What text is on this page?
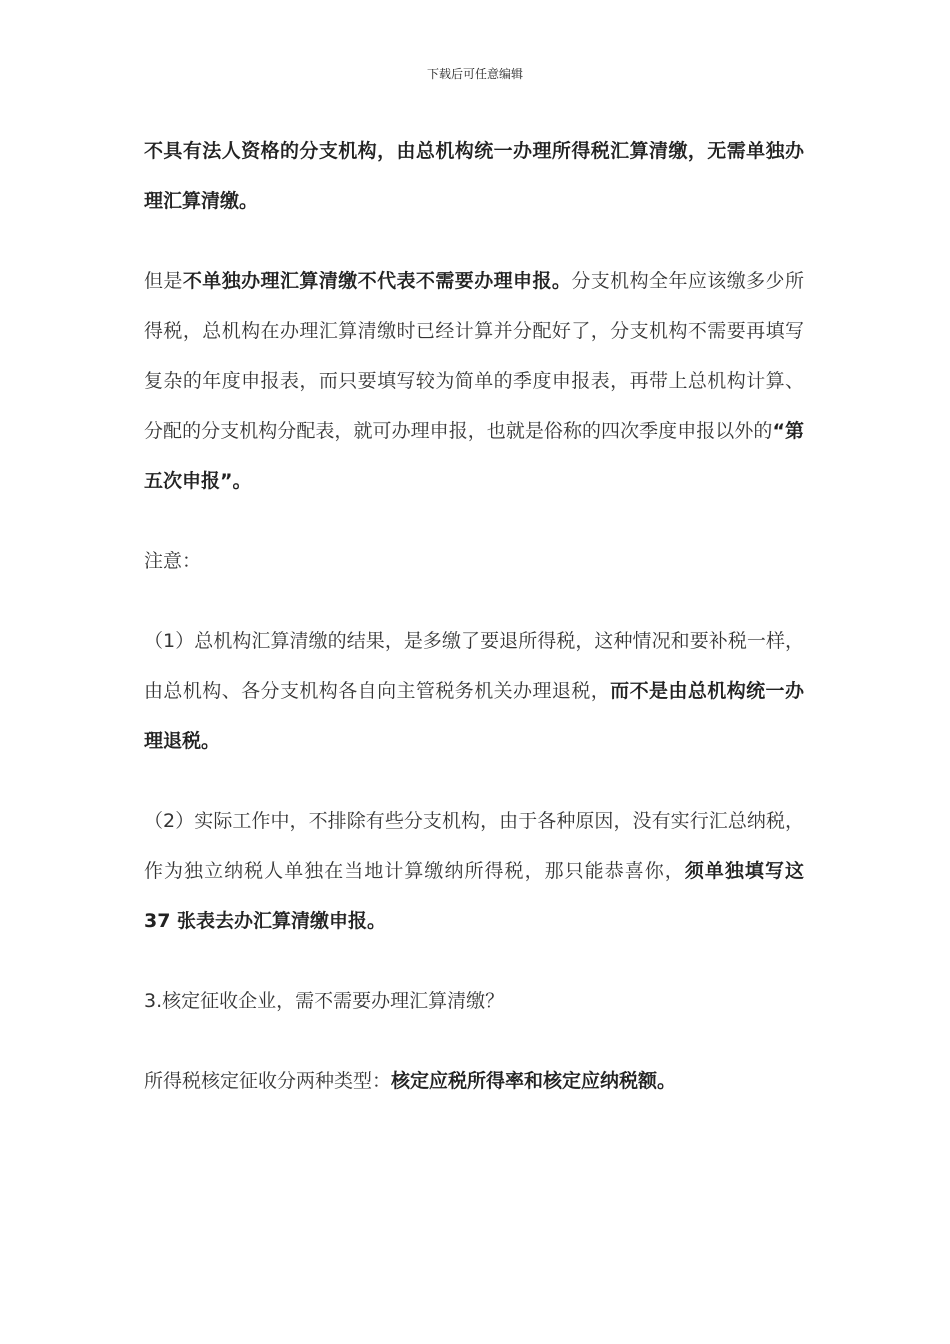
下载后可任意编辑

不具有法人资格的分支机构，由总机构统一办理所得税汇算清缴，无需单独办理汇算清缴。

但是不单独办理汇算清缴不代表不需要办理申报。分支机构全年应该缴多少所得税，总机构在办理汇算清缴时已经计算并分配好了，分支机构不需要再填写复杂的年度申报表，而只要填写较为简单的季度申报表，再带上总机构计算、分配的分支机构分配表，就可办理申报，也就是俗称的四次季度申报以外的“第五次申报”。

注意：

（1）总机构汇算清缴的结果，是多缴了要退所得税，这种情况和要补税一样，由总机构、各分支机构各自向主管税务机关办理退税，而不是由总机构统一办理退税。

（2）实际工作中，不排除有些分支机构，由于各种原因，没有实行汇总纳税，作为独立纳税人单独在当地计算缴纳所得税，那只能恭喜你，须单独填写这 37 张表去办汇算清缴申报。

3.核定征收企业，需不需要办理汇算清缴？

所得税核定征收分两种类型：核定应税所得率和核定应纳税额。
